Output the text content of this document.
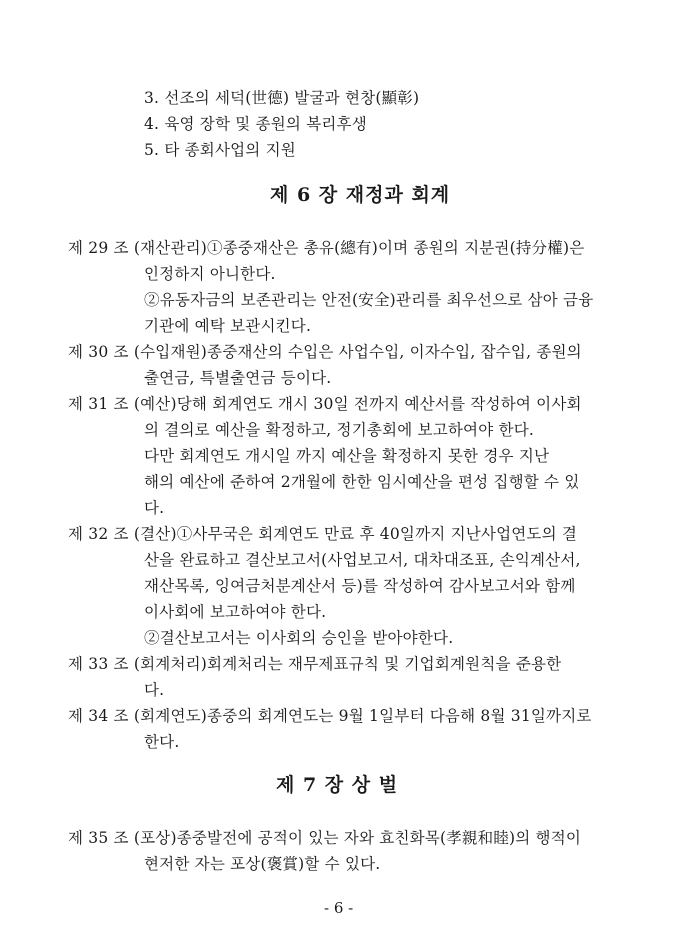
3. 선조의 세덕(世德) 발굴과 현창(顯彰)
4. 육영 장학 및 종원의 복리후생
5. 타 종회사업의 지원
제 6 장 재정과 회계
제 29 조 (재산관리)①종중재산은 총유(總有)이며 종원의 지분권(持分權)은
인정하지 아니한다.
②유동자금의 보존관리는 안전(安全)관리를 최우선으로 삼아 금융
기관에 예탁 보관시킨다.
제 30 조 (수입재원)종중재산의 수입은 사업수입, 이자수입, 잡수입, 종원의
출연금, 특별출연금 등이다.
제 31 조 (예산)당해 회계연도 개시 30일 전까지 예산서를 작성하여 이사회
의 결의로 예산을 확정하고, 정기총회에 보고하여야 한다.
다만 회계연도 개시일 까지 예산을 확정하지 못한 경우 지난
해의 예산에 준하여 2개월에 한한 임시예산을 편성 집행할 수 있
다.
제 32 조 (결산)①사무국은 회계연도 만료 후 40일까지 지난사업연도의 결
산을 완료하고 결산보고서(사업보고서, 대차대조표, 손익계산서,
재산목록, 잉여금처분계산서 등)를 작성하여 감사보고서와 함께
이사회에 보고하여야 한다.
②결산보고서는 이사회의 승인을 받아야한다.
제 33 조 (회계처리)회계처리는 재무제표규칙 및 기업회계원칙을 준용한
다.
제 34 조 (회계연도)종중의 회계연도는 9월 1일부터 다음해 8월 31일까지로
한다.
제 7 장 상 벌
제 35 조 (포상)종중발전에 공적이 있는 자와 효친화목(孝親和睦)의 행적이
현저한 자는 포상(褒賞)할 수 있다.
- 6 -
